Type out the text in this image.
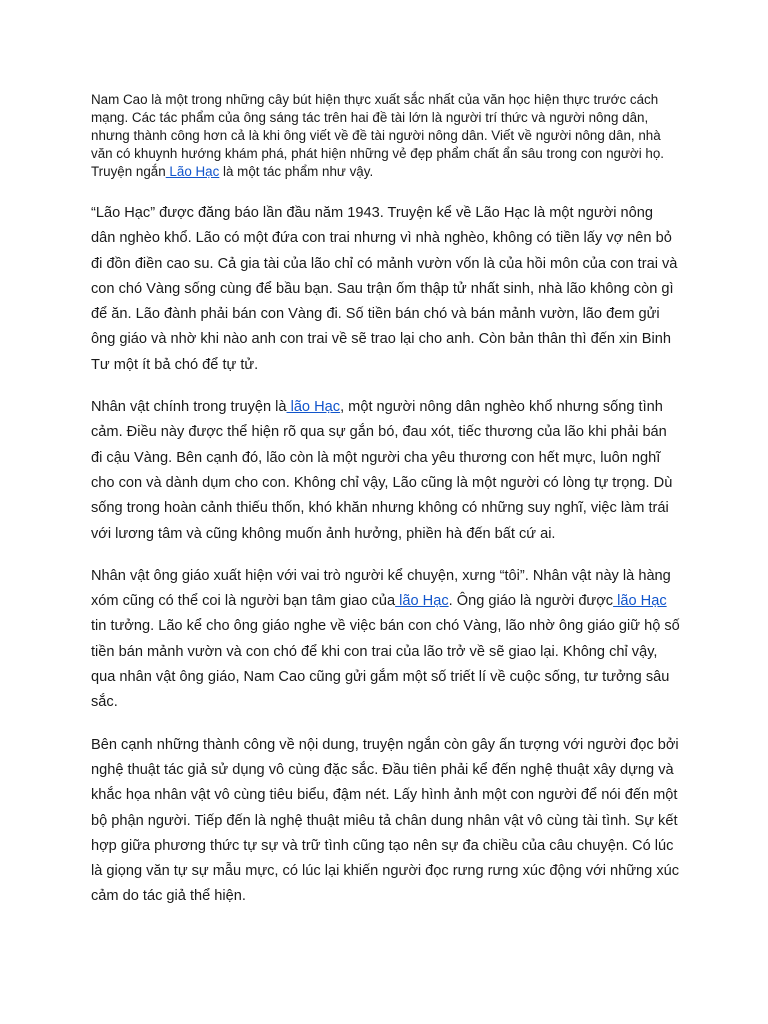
Nam Cao là một trong những cây bút hiện thực xuất sắc nhất của văn học hiện thực trước cách mạng. Các tác phẩm của ông sáng tác trên hai đề tài lớn là người trí thức và người nông dân, nhưng thành công hơn cả là khi ông viết về đề tài người nông dân. Viết về người nông dân, nhà văn có khuynh hướng khám phá, phát hiện những vẻ đẹp phẩm chất ẩn sâu trong con người họ. Truyện ngắn Lão Hạc là một tác phẩm như vậy.

“Lão Hạc” được đăng báo lần đầu năm 1943. Truyện kể về Lão Hạc là một người nông dân nghèo khổ. Lão có một đứa con trai nhưng vì nhà nghèo, không có tiền lấy vợ nên bỏ đi đồn điền cao su. Cả gia tài của lão chỉ có mảnh vườn vốn là của hồi môn của con trai và con chó Vàng sống cùng để bầu bạn. Sau trận ốm thập tử nhất sinh, nhà lão không còn gì để ăn. Lão đành phải bán con Vàng đi. Số tiền bán chó và bán mảnh vườn, lão đem gửi ông giáo và nhờ khi nào anh con trai về sẽ trao lại cho anh. Còn bản thân thì đến xin Binh Tư một ít bả chó để tự tử.

Nhân vật chính trong truyện là lão Hạc, một người nông dân nghèo khổ nhưng sống tình cảm. Điều này được thể hiện rõ qua sự gắn bó, đau xót, tiếc thương của lão khi phải bán đi cậu Vàng. Bên cạnh đó, lão còn là một người cha yêu thương con hết mực, luôn nghĩ cho con và dành dụm cho con. Không chỉ vậy, Lão cũng là một người có lòng tự trọng. Dù sống trong hoàn cảnh thiếu thốn, khó khăn nhưng không có những suy nghĩ, việc làm trái với lương tâm và cũng không muốn ảnh hưởng, phiền hà đến bất cứ ai.

Nhân vật ông giáo xuất hiện với vai trò người kể chuyện, xưng “tôi”. Nhân vật này là hàng xóm cũng có thể coi là người bạn tâm giao của lão Hạc. Ông giáo là người được lão Hạc tin tưởng. Lão kể cho ông giáo nghe về việc bán con chó Vàng, lão nhờ ông giáo giữ hộ số tiền bán mảnh vườn và con chó để khi con trai của lão trở về sẽ giao lại. Không chỉ vậy, qua nhân vật ông giáo, Nam Cao cũng gửi gắm một số triết lí về cuộc sống, tư tưởng sâu sắc.

Bên cạnh những thành công về nội dung, truyện ngắn còn gây ấn tượng với người đọc bởi nghệ thuật tác giả sử dụng vô cùng đặc sắc. Đầu tiên phải kể đến nghệ thuật xây dựng và khắc họa nhân vật vô cùng tiêu biểu, đậm nét. Lấy hình ảnh một con người để nói đến một bộ phận người. Tiếp đến là nghệ thuật miêu tả chân dung nhân vật vô cùng tài tình. Sự kết hợp giữa phương thức tự sự và trữ tình cũng tạo nên sự đa chiều của câu chuyện. Có lúc là giọng văn tự sự mẫu mực, có lúc lại khiến người đọc rưng rưng xúc động với những xúc cảm do tác giả thể hiện.
